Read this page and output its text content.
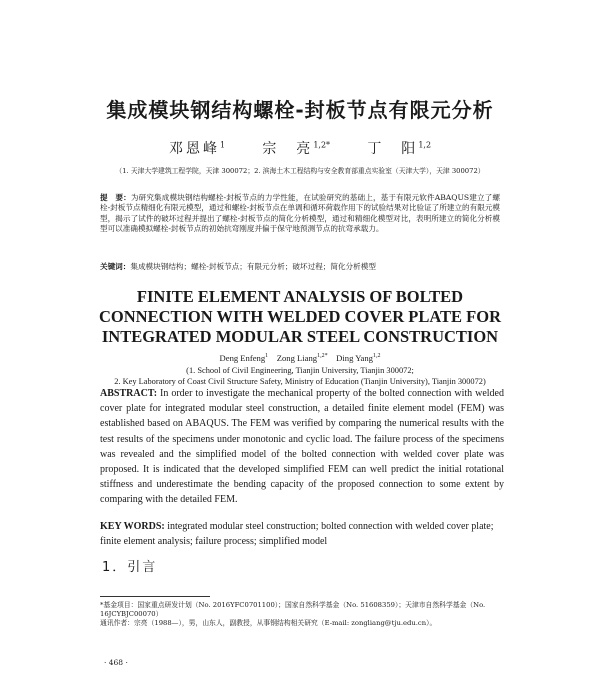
集成模块钢结构螺栓-封板节点有限元分析
邓恩峰$^1$	宗　亮$^{1,2*}$	丁　阳$^{1,2}$
（1. 天津大学建筑工程学院，天津 300072；2. 滨海土木工程结构与安全教育部重点实验室（天津大学），天津 300072）
提　要：为研究集成模块钢结构螺栓-封板节点的力学性能，在试验研究的基础上，基于有限元软件ABAQUS建立了螺栓-封板节点精细化有限元模型，通过和螺栓-封板节点在单调和循环荷载作用下的试验结果对比验证了所建立的有限元模型，揭示了试件的破坏过程并提出了螺栓-封板节点的简化分析模型，通过和精细化模型对比，表明所建立的简化分析模型可以准确模拟螺栓-封板节点的初始抗弯刚度并偏于保守地预测节点的抗弯承载力。
关键词：集成模块钢结构；螺栓-封板节点；有限元分析；破坏过程；简化分析模型
FINITE ELEMENT ANALYSIS OF BOLTED
CONNECTION WITH WELDED COVER PLATE FOR
INTEGRATED MODULAR STEEL CONSTRUCTION
Deng Enfeng$^1$ Zong Liang$^{1,2*}$ Ding Yang$^{1,2}$
(1. School of Civil Engineering, Tianjin University, Tianjin 300072;
2. Key Laboratory of Coast Civil Structure Safety, Ministry of Education (Tianjin University), Tianjin 300072)
ABSTRACT: In order to investigate the mechanical property of the bolted connection with welded cover plate for integrated modular steel construction, a detailed finite element model (FEM) was established based on ABAQUS. The FEM was verified by comparing the numerical results with the test results of the specimens under monotonic and cyclic load. The failure process of the specimens was revealed and the simplified model of the bolted connection with welded cover plate was proposed. It is indicated that the developed simplified FEM can well predict the initial rotational stiffness and underestimate the bending capacity of the proposed connection to some extent by comparing with the detailed FEM.
KEY WORDS: integrated modular steel construction; bolted connection with welded cover plate; finite element analysis; failure process; simplified model
1．引言
*基金项目：国家重点研发计划（No. 2016YFC0701100）；国家自然科学基金（No. 51608359）；天津市自然科学基金（No. 16JCYBJC00070）
通讯作者：宗亮（1988—），男，山东人，副教授，从事钢结构相关研究（E-mail: zongliang@tju.edu.cn）。
· 468 ·
